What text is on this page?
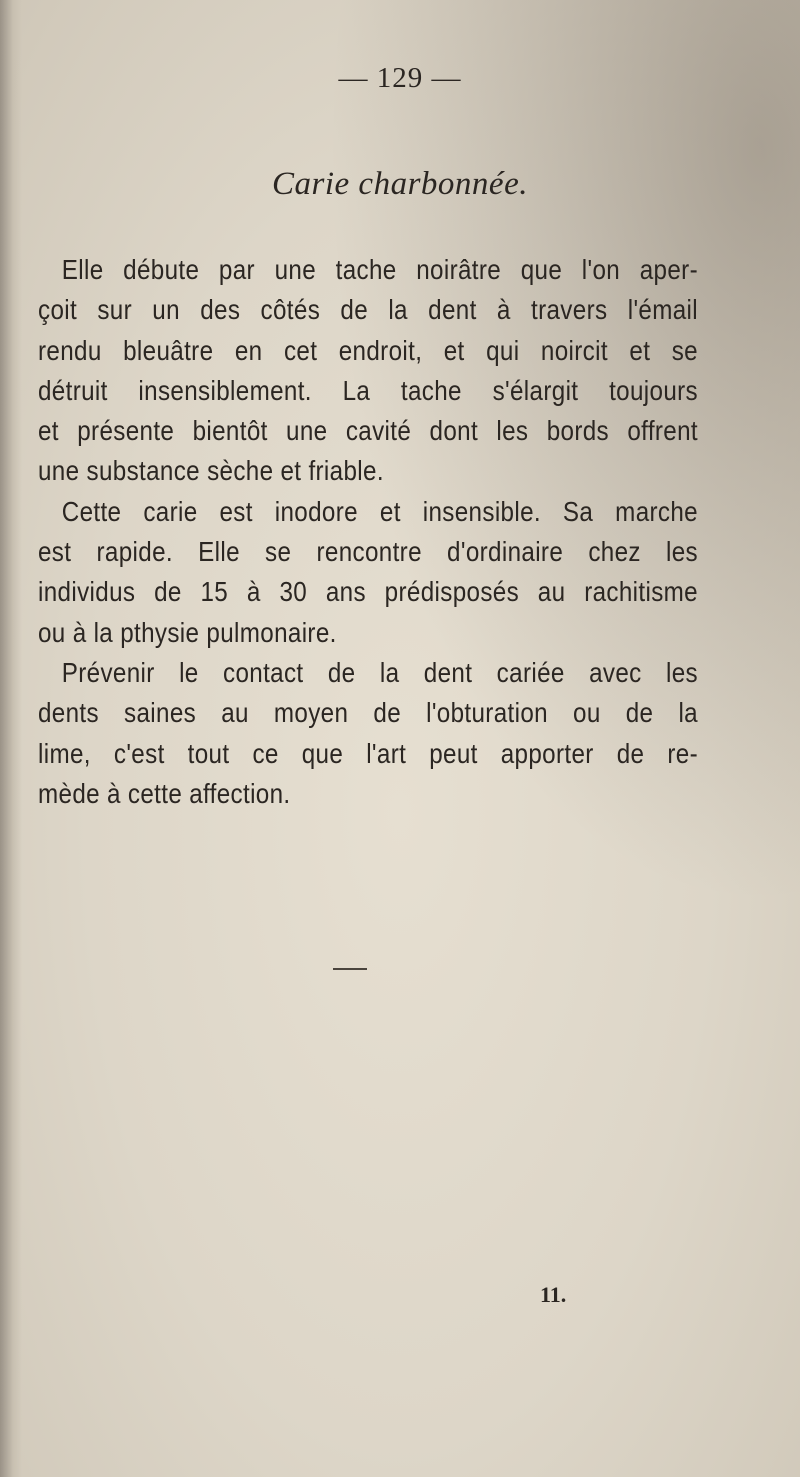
— 129 —
Carie charbonnée.
Elle débute par une tache noirâtre que l'on aper-
çoit sur un des côtés de la dent à travers l'émail
rendu bleuâtre en cet endroit, et qui noircit et se
détruit insensiblement. La tache s'élargit toujours
et présente bientôt une cavité dont les bords offrent
une substance sèche et friable.
Cette carie est inodore et insensible. Sa marche
est rapide. Elle se rencontre d'ordinaire chez les
individus de 15 à 30 ans prédisposés au rachitisme
ou à la pthysie pulmonaire.
Prévenir le contact de la dent cariée avec les
dents saines au moyen de l'obturation ou de la
lime, c'est tout ce que l'art peut apporter de re-
mède à cette affection.
11.
